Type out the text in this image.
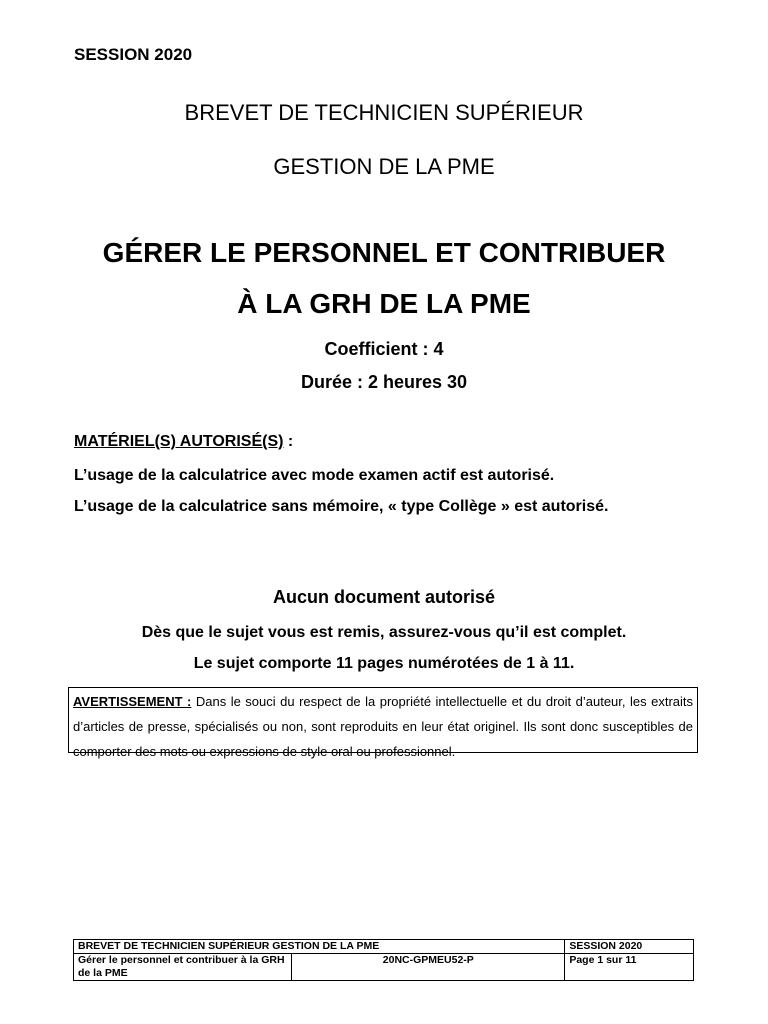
SESSION 2020
BREVET DE TECHNICIEN SUPÉRIEUR
GESTION DE LA PME
GÉRER LE PERSONNEL ET CONTRIBUER
À LA GRH DE LA PME
Coefficient : 4
Durée : 2 heures 30
MATÉRIEL(S) AUTORISÉ(S) :
L’usage de la calculatrice avec mode examen actif est autorisé.
L’usage de la calculatrice sans mémoire, « type Collège » est autorisé.
Aucun document autorisé
Dès que le sujet vous est remis, assurez-vous qu’il est complet.
Le sujet comporte 11 pages numérotées de 1 à 11.
AVERTISSEMENT : Dans le souci du respect de la propriété intellectuelle et du droit d’auteur, les extraits d’articles de presse, spécialisés ou non, sont reproduits en leur état originel. Ils sont donc susceptibles de comporter des mots ou expressions de style oral ou professionnel.
BREVET DE TECHNICIEN SUPÉRIEUR GESTION DE LA PME		SESSION 2020
Gérer le personnel et contribuer à la GRH de la PME	20NC-GPMEU52-P	Page 1 sur 11
